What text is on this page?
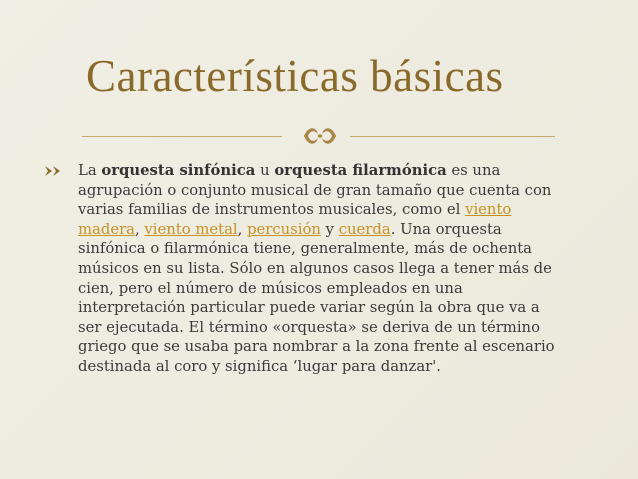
Características básicas

La orquesta sinfónica u orquesta filarmónica es una agrupación o conjunto musical de gran tamaño que cuenta con varias familias de instrumentos musicales, como el viento madera, viento metal, percusión y cuerda. Una orquesta sinfónica o filarmónica tiene, generalmente, más de ochenta músicos en su lista. Sólo en algunos casos llega a tener más de cien, pero el número de músicos empleados en una interpretación particular puede variar según la obra que va a ser ejecutada. El término «orquesta» se deriva de un término griego que se usaba para nombrar a la zona frente al escenario destinada al coro y significa ‘lugar para danzar'.
